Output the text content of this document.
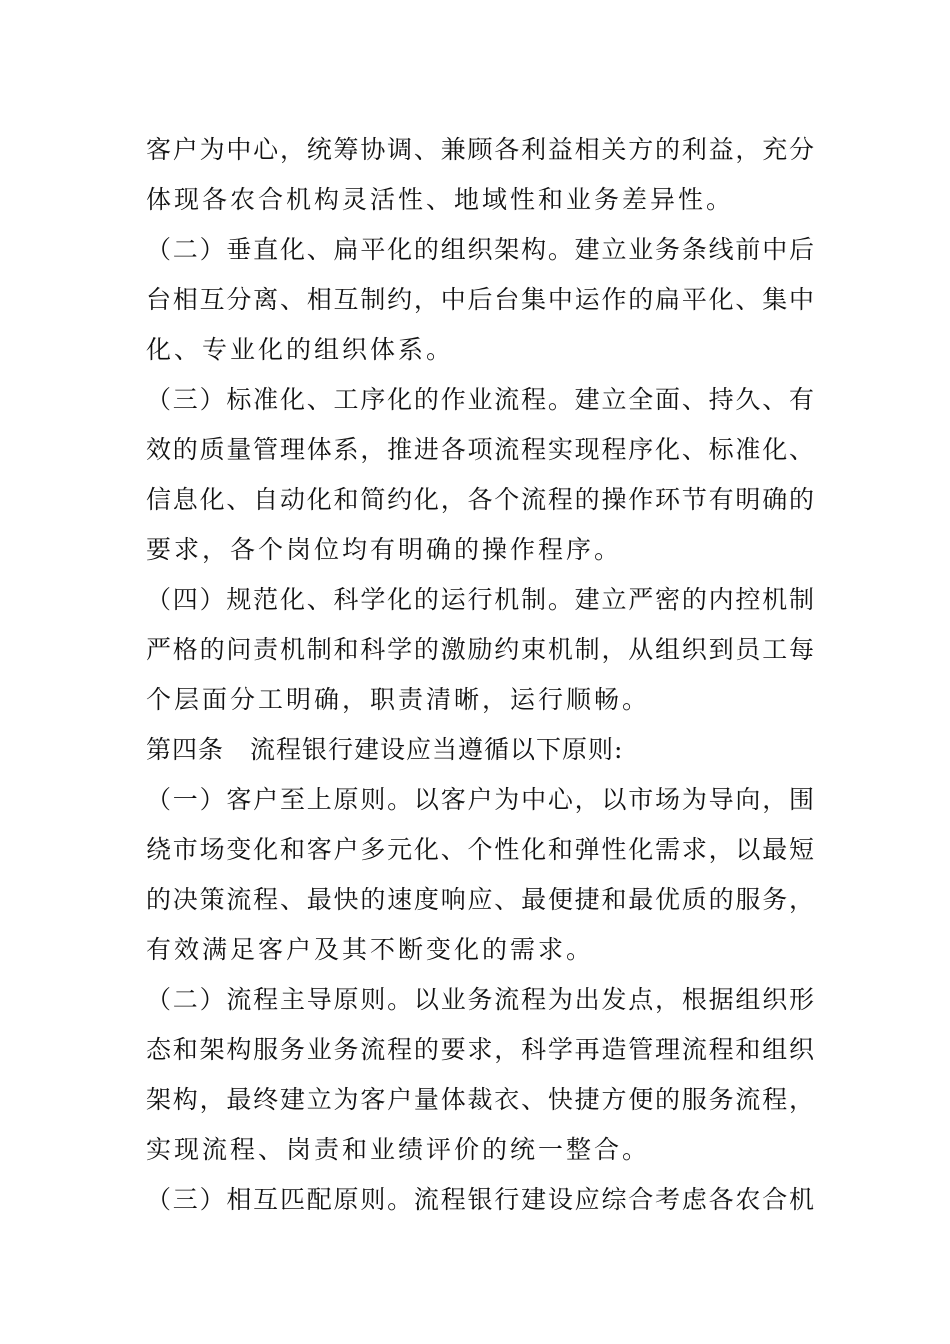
客户为中心，统筹协调、兼顾各利益相关方的利益，充分
体现各农合机构灵活性、地域性和业务差异性。
（二）垂直化、扁平化的组织架构。建立业务条线前中后
台相互分离、相互制约，中后台集中运作的扁平化、集中
化、专业化的组织体系。
（三）标准化、工序化的作业流程。建立全面、持久、有
效的质量管理体系，推进各项流程实现程序化、标准化、
信息化、自动化和简约化，各个流程的操作环节有明确的
要求，各个岗位均有明确的操作程序。
（四）规范化、科学化的运行机制。建立严密的内控机制
严格的问责机制和科学的激励约束机制，从组织到员工每
个层面分工明确，职责清晰，运行顺畅。
第四条　流程银行建设应当遵循以下原则:
（一）客户至上原则。以客户为中心，以市场为导向，围
绕市场变化和客户多元化、个性化和弹性化需求，以最短
的决策流程、最快的速度响应、最便捷和最优质的服务，
有效满足客户及其不断变化的需求。
（二）流程主导原则。以业务流程为出发点，根据组织形
态和架构服务业务流程的要求，科学再造管理流程和组织
架构，最终建立为客户量体裁衣、快捷方便的服务流程，
实现流程、岗责和业绩评价的统一整合。
（三）相互匹配原则。流程银行建设应综合考虑各农合机
